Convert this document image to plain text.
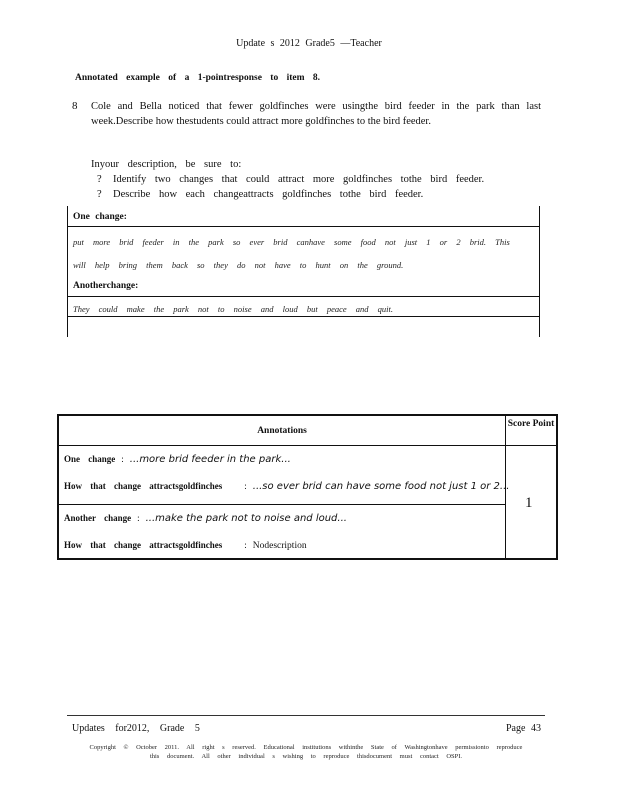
Update s 2012 Grade5 —Teacher
Annotated example of a 1-pointresponse to item 8.
8 Cole and Bella noticed that fewer goldfinches were usingthe bird feeder in the park than last week.Describe how thestudents could attract more goldfinches to the bird feeder.

Inyour description, be sure to:
? Identify two changes that could attract more goldfinches tothe bird feeder.
? Describe how each changeattracts goldfinches tothe bird feeder.
One change:
put more brid feeder in the park so ever brid canhave some food not just 1 or 2 brid. This
will help bring them back so they do not have to hunt on the ground.
Anotherchange:
They could make the park not to noise and loud but peace and quit.
Annotations
Score Point
One change : ...more brid feeder in the park...
How that change attractsgoldfinches : ...so ever brid can have some food not just 1 or 2...
Another change : ...make the park not to noise and loud...
How that change attractsgoldfinches : Nodescription
1
Updates for2012, Grade 5	Page 43
Copyright © October 2011. All right s reserved. Educational institutions withinthe State of Washingtonhave permissionto reproduce this document. All other individual s wishing to reproduce thisdocument must contact OSPI.
